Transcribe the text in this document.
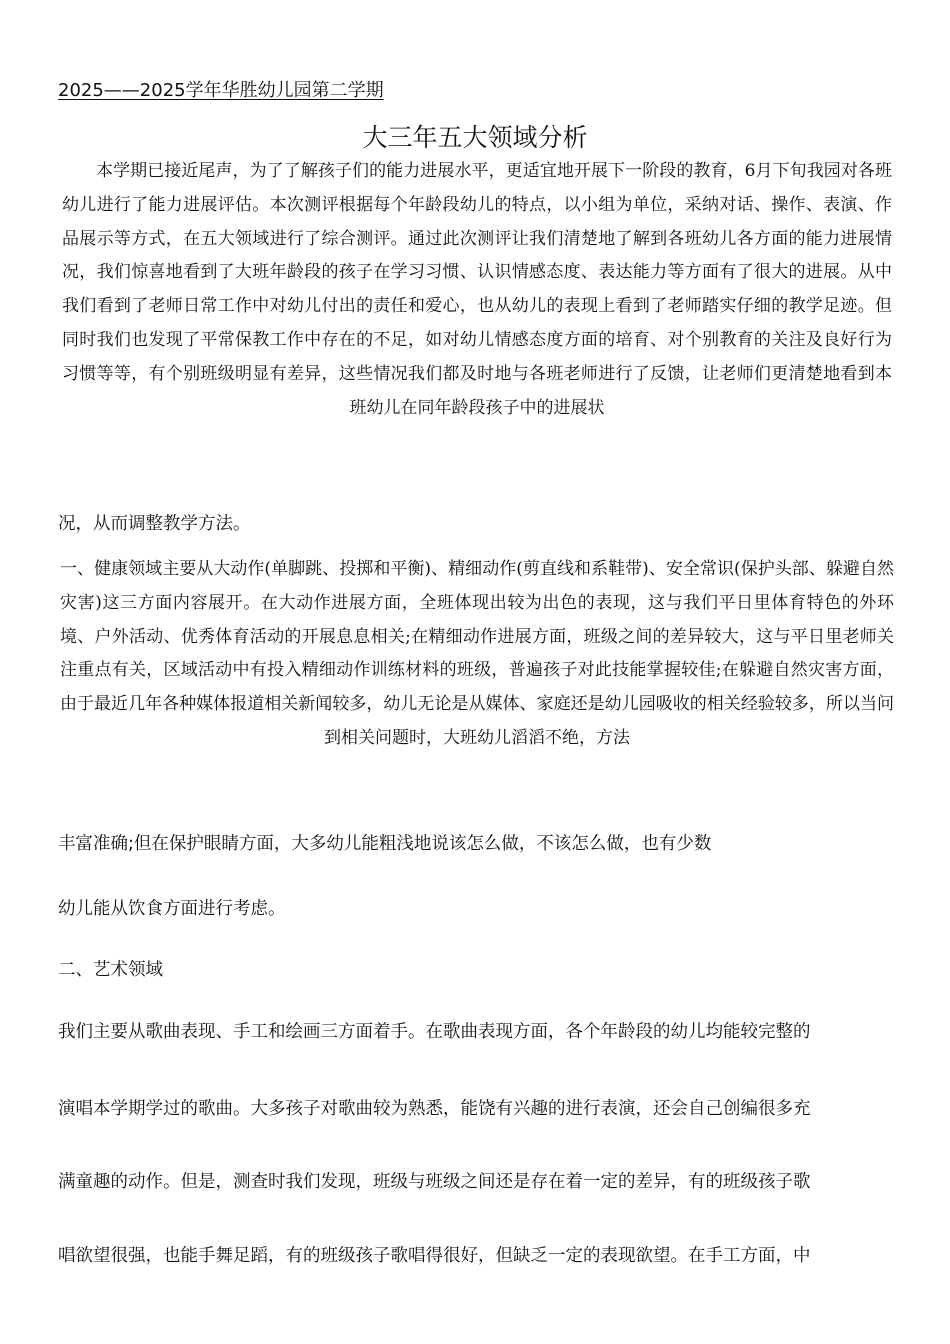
2025——2025学年华胜幼儿园第二学期
大三年五大领域分析
本学期已接近尾声，为了了解孩子们的能力进展水平，更适宜地开展下一阶段的教育，6月下旬我园对各班幼儿进行了能力进展评估。本次测评根据每个年龄段幼儿的特点，以小组为单位，采纳对话、操作、表演、作品展示等方式，在五大领域进行了综合测评。通过此次测评让我们清楚地了解到各班幼儿各方面的能力进展情况，我们惊喜地看到了大班年龄段的孩子在学习习惯、认识情感态度、表达能力等方面有了很大的进展。从中我们看到了老师日常工作中对幼儿付出的责任和爱心，也从幼儿的表现上看到了老师踏实仔细的教学足迹。但同时我们也发现了平常保教工作中存在的不足，如对幼儿情感态度方面的培育、对个别教育的关注及良好行为习惯等等，有个别班级明显有差异，这些情况我们都及时地与各班老师进行了反馈，让老师们更清楚地看到本班幼儿在同年龄段孩子中的进展状
况，从而调整教学方法。
一、健康领域主要从大动作(单脚跳、投掷和平衡)、精细动作(剪直线和系鞋带)、安全常识(保护头部、躲避自然灾害)这三方面内容展开。在大动作进展方面，全班体现出较为出色的表现，这与我们平日里体育特色的外环境、户外活动、优秀体育活动的开展息息相关;在精细动作进展方面，班级之间的差异较大，这与平日里老师关注重点有关，区域活动中有投入精细动作训练材料的班级，普遍孩子对此技能掌握较佳;在躲避自然灾害方面，由于最近几年各种媒体报道相关新闻较多，幼儿无论是从媒体、家庭还是幼儿园吸收的相关经验较多，所以当问到相关问题时，大班幼儿滔滔不绝，方法
丰富准确;但在保护眼睛方面，大多幼儿能粗浅地说该怎么做，不该怎么做，也有少数
幼儿能从饮食方面进行考虑。
二、艺术领域
我们主要从歌曲表现、手工和绘画三方面着手。在歌曲表现方面，各个年龄段的幼儿均能较完整的
演唱本学期学过的歌曲。大多孩子对歌曲较为熟悉，能饶有兴趣的进行表演，还会自己创编很多充
满童趣的动作。但是，测查时我们发现，班级与班级之间还是存在着一定的差异，有的班级孩子歌
唱欲望很强，也能手舞足蹈，有的班级孩子歌唱得很好，但缺乏一定的表现欲望。在手工方面，中
